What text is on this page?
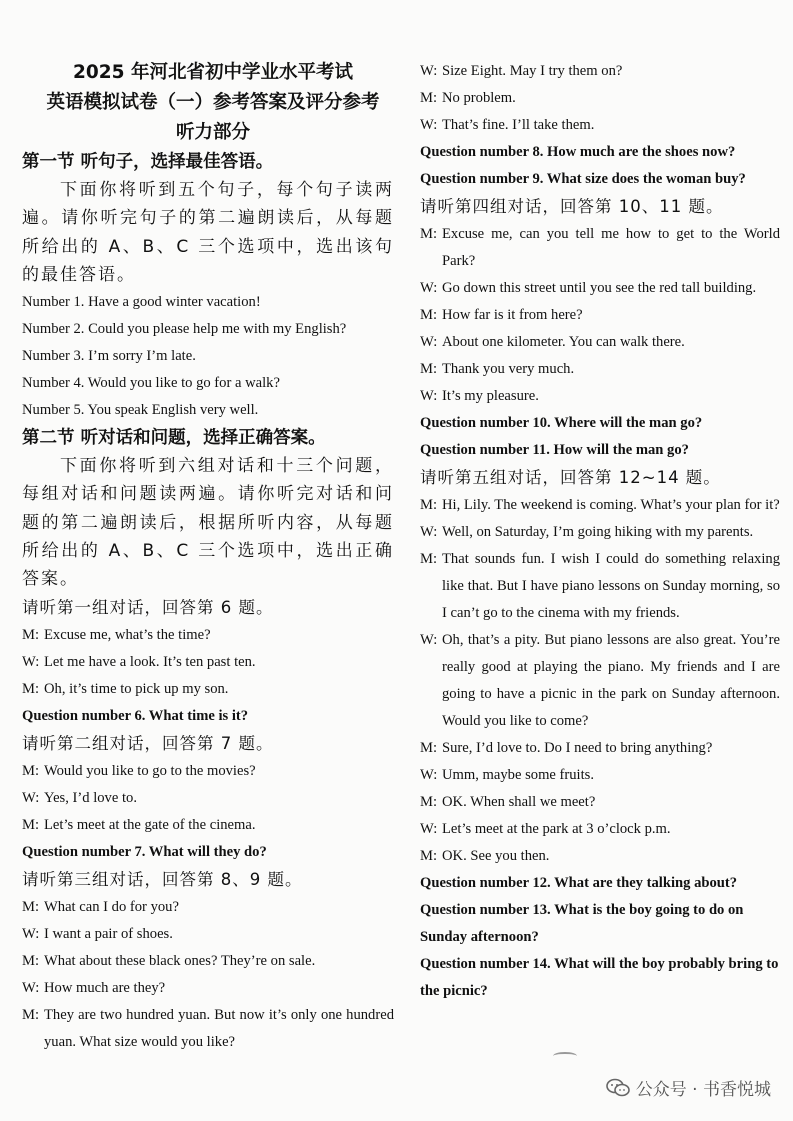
2025 年河北省初中学业水平考试
英语模拟试卷（一）参考答案及评分参考
听力部分
第一节 听句子，选择最佳答语。
下面你将听到五个句子，每个句子读两遍。请你听完句子的第二遍朗读后，从每题所给出的 A、B、C 三个选项中，选出该句的最佳答语。
Number 1. Have a good winter vacation!
Number 2. Could you please help me with my English?
Number 3. I’m sorry I’m late.
Number 4. Would you like to go for a walk?
Number 5. You speak English very well.
第二节 听对话和问题，选择正确答案。
下面你将听到六组对话和十三个问题，每组对话和问题读两遍。请你听完对话和问题的第二遍朗读后，根据所听内容，从每题所给出的 A、B、C 三个选项中，选出正确答案。
请听第一组对话，回答第 6 题。
M: Excuse me, what’s the time?
W: Let me have a look. It’s ten past ten.
M: Oh, it’s time to pick up my son.
Question number 6. What time is it?
请听第二组对话，回答第 7 题。
M: Would you like to go to the movies?
W: Yes, I’d love to.
M: Let’s meet at the gate of the cinema.
Question number 7. What will they do?
请听第三组对话，回答第 8、9 题。
M: What can I do for you?
W: I want a pair of shoes.
M: What about these black ones? They’re on sale.
W: How much are they?
M: They are two hundred yuan. But now it’s only one hundred yuan. What size would you like?
W: Size Eight. May I try them on?
M: No problem.
W: That’s fine. I’ll take them.
Question number 8. How much are the shoes now?
Question number 9. What size does the woman buy?
请听第四组对话，回答第 10、11 题。
M: Excuse me, can you tell me how to get to the World Park?
W: Go down this street until you see the red tall building.
M: How far is it from here?
W: About one kilometer. You can walk there.
M: Thank you very much.
W: It’s my pleasure.
Question number 10. Where will the man go?
Question number 11. How will the man go?
请听第五组对话，回答第 12~14 题。
M: Hi, Lily. The weekend is coming. What’s your plan for it?
W: Well, on Saturday, I’m going hiking with my parents.
M: That sounds fun. I wish I could do something relaxing like that. But I have piano lessons on Sunday morning, so I can’t go to the cinema with my friends.
W: Oh, that’s a pity. But piano lessons are also great. You’re really good at playing the piano. My friends and I are going to have a picnic in the park on Sunday afternoon. Would you like to come?
M: Sure, I’d love to. Do I need to bring anything?
W: Umm, maybe some fruits.
M: OK. When shall we meet?
W: Let’s meet at the park at 3 o’clock p.m.
M: OK. See you then.
Question number 12. What are they talking about?
Question number 13. What is the boy going to do on Sunday afternoon?
Question number 14. What will the boy probably bring to the picnic?
公众号 · 书香悦城
